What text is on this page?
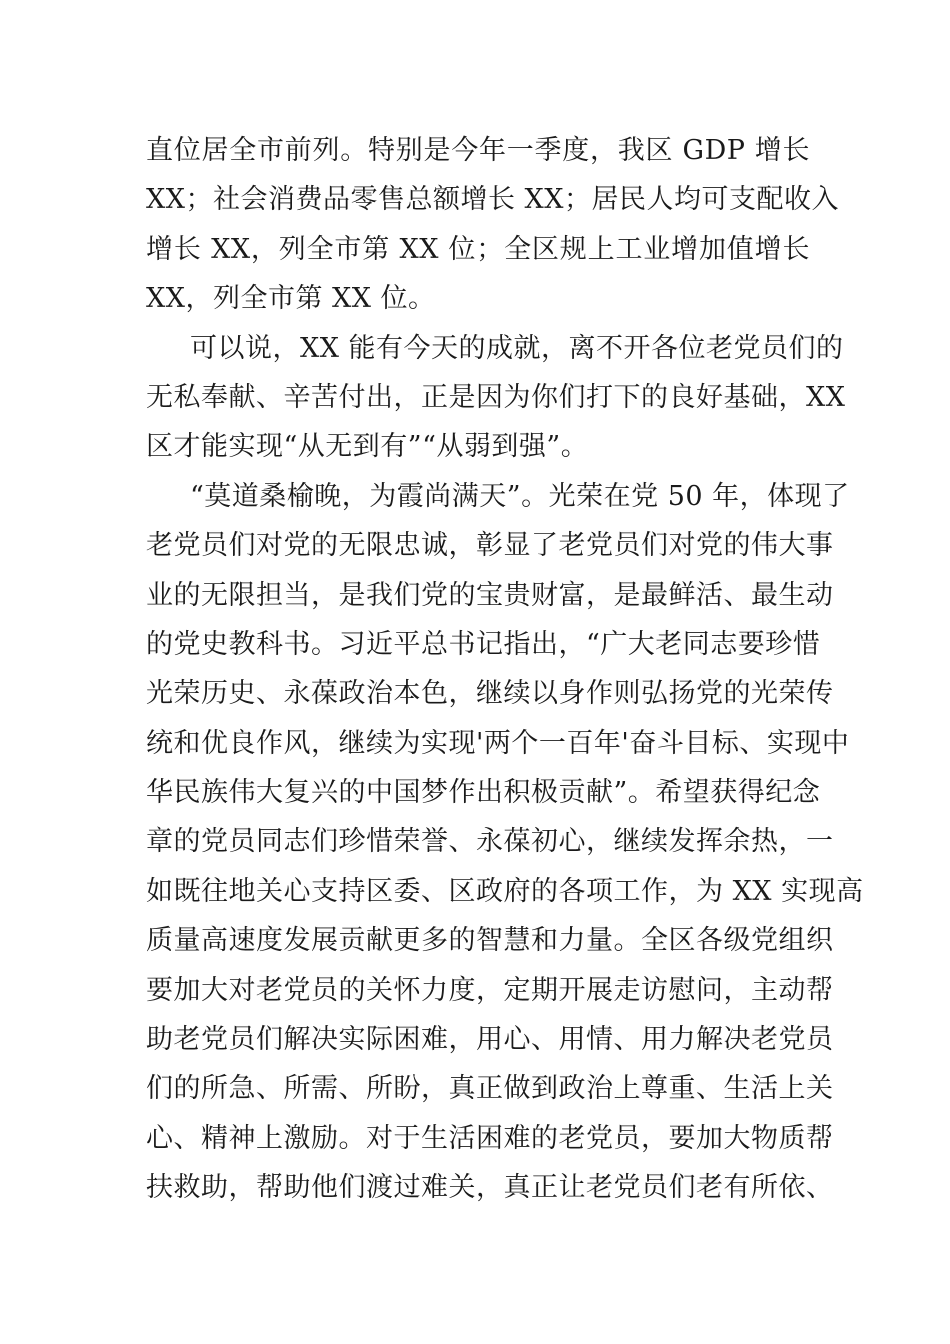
直位居全市前列。特别是今年一季度，我区 GDP 增长
XX；社会消费品零售总额增长 XX；居民人均可支配收入
增长 XX，列全市第 XX 位；全区规上工业增加值增长
XX，列全市第 XX 位。

可以说，XX 能有今天的成就，离不开各位老党员们的
无私奉献、辛苦付出，正是因为你们打下的良好基础，XX
区才能实现“从无到有”“从弱到强”。

“莫道桑榆晚，为霞尚满天”。光荣在党 50 年，体现了
老党员们对党的无限忠诚，彰显了老党员们对党的伟大事
业的无限担当，是我们党的宝贵财富，是最鲜活、最生动
的党史教科书。习近平总书记指出，“广大老同志要珍惜
光荣历史、永葆政治本色，继续以身作则弘扬党的光荣传
统和优良作风，继续为实现'两个一百年'奋斗目标、实现中
华民族伟大复兴的中国梦作出积极贡献”。希望获得纪念
章的党员同志们珍惜荣誉、永葆初心，继续发挥余热，一
如既往地关心支持区委、区政府的各项工作，为 XX 实现高
质量高速度发展贡献更多的智慧和力量。全区各级党组织
要加大对老党员的关怀力度，定期开展走访慰问，主动帮
助老党员们解决实际困难，用心、用情、用力解决老党员
们的所急、所需、所盼，真正做到政治上尊重、生活上关
心、精神上激励。对于生活困难的老党员，要加大物质帮
扶救助，帮助他们渡过难关，真正让老党员们老有所依、
